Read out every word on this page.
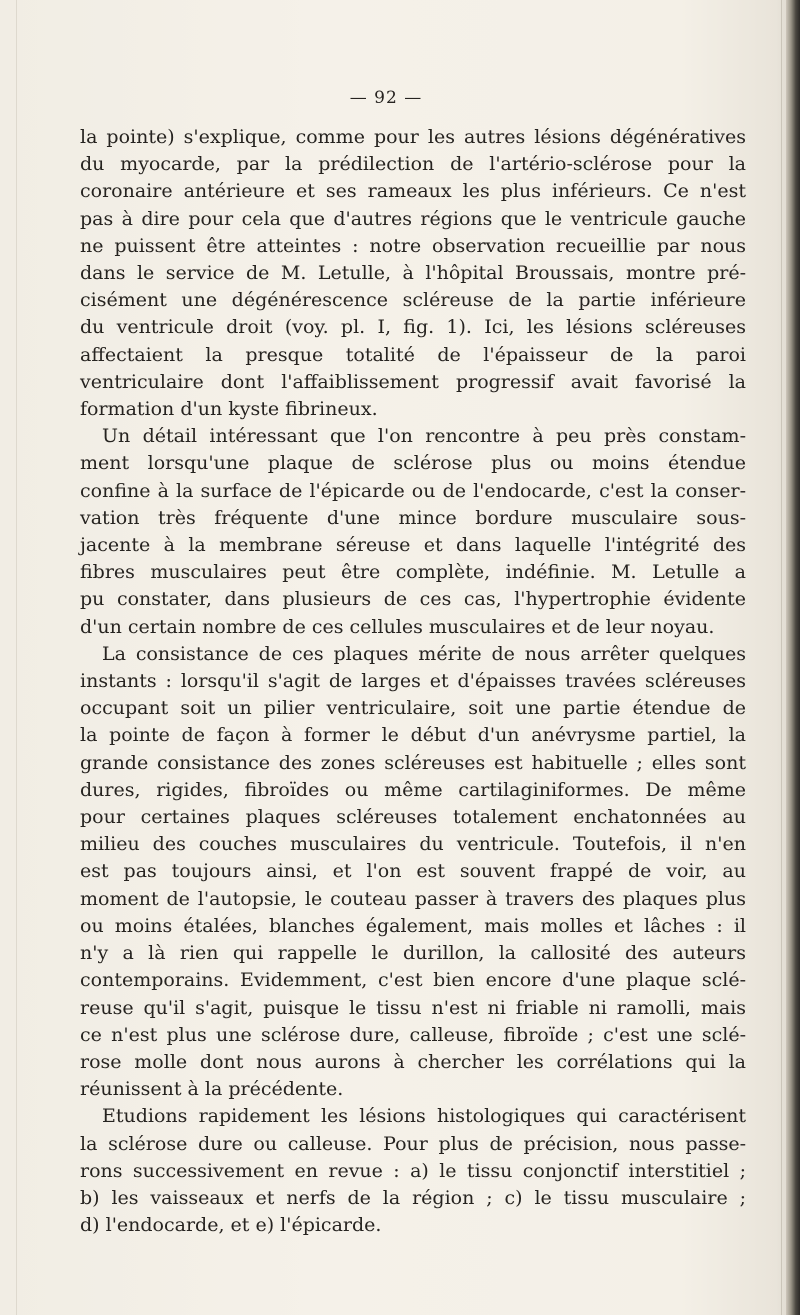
— 92 —
la pointe) s'explique, comme pour les autres lésions dégénératives
du myocarde, par la prédilection de l'artério-sclérose pour la
coronaire antérieure et ses rameaux les plus inférieurs. Ce n'est
pas à dire pour cela que d'autres régions que le ventricule gauche
ne puissent être atteintes : notre observation recueillie par nous
dans le service de M. Letulle, à l'hôpital Broussais, montre pré-
cisément une dégénérescence scléreuse de la partie inférieure
du ventricule droit (voy. pl. I, fig. 1). Ici, les lésions scléreuses
affectaient la presque totalité de l'épaisseur de la paroi
ventriculaire dont l'affaiblissement progressif avait favorisé la
formation d'un kyste fibrineux.
Un détail intéressant que l'on rencontre à peu près constam-
ment lorsqu'une plaque de sclérose plus ou moins étendue
confine à la surface de l'épicarde ou de l'endocarde, c'est la conser-
vation très fréquente d'une mince bordure musculaire sous-
jacente à la membrane séreuse et dans laquelle l'intégrité des
fibres musculaires peut être complète, indéfinie. M. Letulle a
pu constater, dans plusieurs de ces cas, l'hypertrophie évidente
d'un certain nombre de ces cellules musculaires et de leur noyau.
La consistance de ces plaques mérite de nous arrêter quelques
instants : lorsqu'il s'agit de larges et d'épaisses travées scléreuses
occupant soit un pilier ventriculaire, soit une partie étendue de
la pointe de façon à former le début d'un anévrysme partiel, la
grande consistance des zones scléreuses est habituelle ; elles sont
dures, rigides, fibroïdes ou même cartilaginiformes. De même
pour certaines plaques scléreuses totalement enchatonnées au
milieu des couches musculaires du ventricule. Toutefois, il n'en
est pas toujours ainsi, et l'on est souvent frappé de voir, au
moment de l'autopsie, le couteau passer à travers des plaques plus
ou moins étalées, blanches également, mais molles et lâches : il
n'y a là rien qui rappelle le durillon, la callosité des auteurs
contemporains. Evidemment, c'est bien encore d'une plaque sclé-
reuse qu'il s'agit, puisque le tissu n'est ni friable ni ramolli, mais
ce n'est plus une sclérose dure, calleuse, fibroïde ; c'est une sclé-
rose molle dont nous aurons à chercher les corrélations qui la
réunissent à la précédente.
Etudions rapidement les lésions histologiques qui caractérisent
la sclérose dure ou calleuse. Pour plus de précision, nous passe-
rons successivement en revue : a) le tissu conjonctif interstitiel ;
b) les vaisseaux et nerfs de la région ; c) le tissu musculaire ;
d) l'endocarde, et e) l'épicarde.
